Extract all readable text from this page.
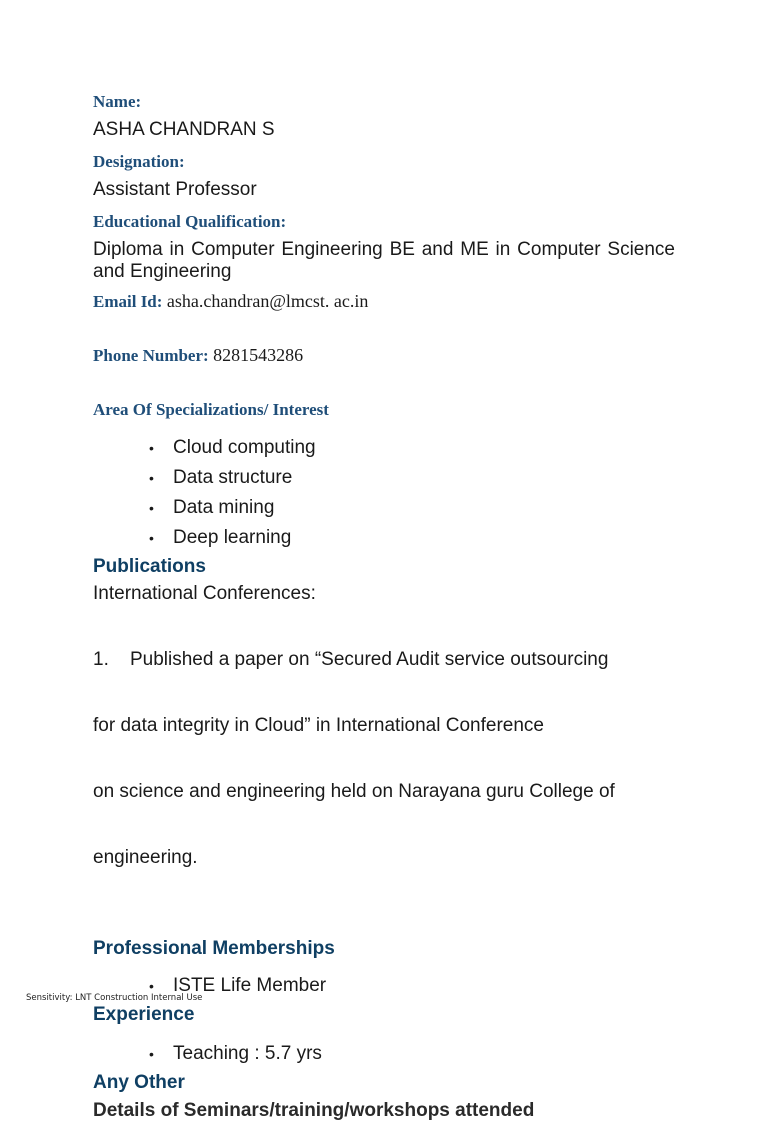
Name:
ASHA CHANDRAN S
Designation:
Assistant Professor
Educational Qualification:
Diploma in Computer Engineering BE and ME in Computer Science and Engineering
Email Id: asha.chandran@lmcst. ac.in
Phone Number: 8281543286
Area Of Specializations/ Interest
• Cloud computing
• Data structure
• Data mining
• Deep learning
Publications
International Conferences:

1.    Published a paper on “Secured Audit service outsourcing

for data integrity in Cloud” in International Conference

on science and engineering held on Narayana guru College of

engineering.

Professional Memberships
• ISTE Life Member
Experience
• Teaching : 5.7 yrs
Any Other
Details of Seminars/training/workshops attended
Sensitivity: LNT Construction Internal Use
